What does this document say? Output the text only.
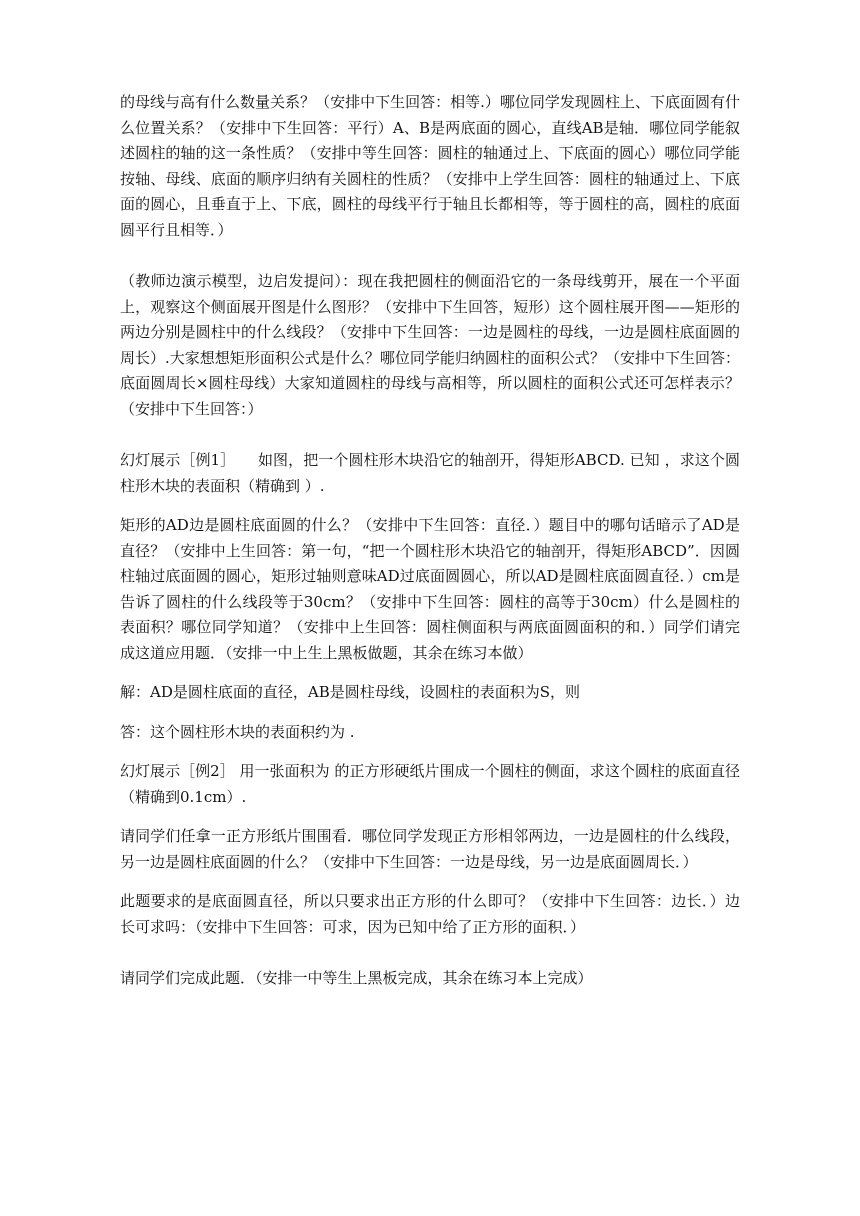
的母线与高有什么数量关系？（安排中下生回答：相等.）哪位同学发现圆柱上、下底面圆有什么位置关系？（安排中下生回答：平行）A、B是两底面的圆心，直线AB是轴．哪位同学能叙述圆柱的轴的这一条性质？（安排中等生回答：圆柱的轴通过上、下底面的圆心）哪位同学能按轴、母线、底面的顺序归纳有关圆柱的性质？（安排中上学生回答：圆柱的轴通过上、下底面的圆心，且垂直于上、下底，圆柱的母线平行于轴且长都相等，等于圆柱的高，圆柱的底面圆平行且相等．）

（教师边演示模型，边启发提问）：现在我把圆柱的侧面沿它的一条母线剪开，展在一个平面上，观察这个侧面展开图是什么图形？（安排中下生回答，短形）这个圆柱展开图——矩形的两边分别是圆柱中的什么线段？（安排中下生回答：一边是圆柱的母线，一边是圆柱底面圆的周长）.大家想想矩形面积公式是什么？哪位同学能归纳圆柱的面积公式？（安排中下生回答：底面圆周长×圆柱母线）大家知道圆柱的母线与高相等，所以圆柱的面积公式还可怎样表示？（安排中下生回答：）

幻灯展示［例1］　　如图，把一个圆柱形木块沿它的轴剖开，得矩形ABCD. 已知 ，求这个圆柱形木块的表面积（精确到 ）.

矩形的AD边是圆柱底面圆的什么？（安排中下生回答：直径．）题目中的哪句话暗示了AD是直径？（安排中上生回答：第一句，“把一个圆柱形木块沿它的轴剖开，得矩形ABCD”．因圆柱轴过底面圆的圆心，矩形过轴则意味AD过底面圆圆心，所以AD是圆柱底面圆直径．）cm是告诉了圆柱的什么线段等于30cm？（安排中下生回答：圆柱的高等于30cm）什么是圆柱的表面积？哪位同学知道？（安排中上生回答：圆柱侧面积与两底面圆面积的和．）同学们请完成这道应用题．（安排一中上生上黑板做题，其余在练习本做）

解：AD是圆柱底面的直径，AB是圆柱母线，设圆柱的表面积为S，则

答：这个圆柱形木块的表面积约为 .

幻灯展示［例2］ 用一张面积为 的正方形硬纸片围成一个圆柱的侧面，求这个圆柱的底面直径（精确到0.1cm）.

请同学们任拿一正方形纸片围围看．哪位同学发现正方形相邻两边，一边是圆柱的什么线段，另一边是圆柱底面圆的什么？（安排中下生回答：一边是母线，另一边是底面圆周长．）

此题要求的是底面圆直径，所以只要求出正方形的什么即可？（安排中下生回答：边长．）边长可求吗：（安排中下生回答：可求，因为已知中给了正方形的面积．）

请同学们完成此题．（安排一中等生上黑板完成，其余在练习本上完成）
